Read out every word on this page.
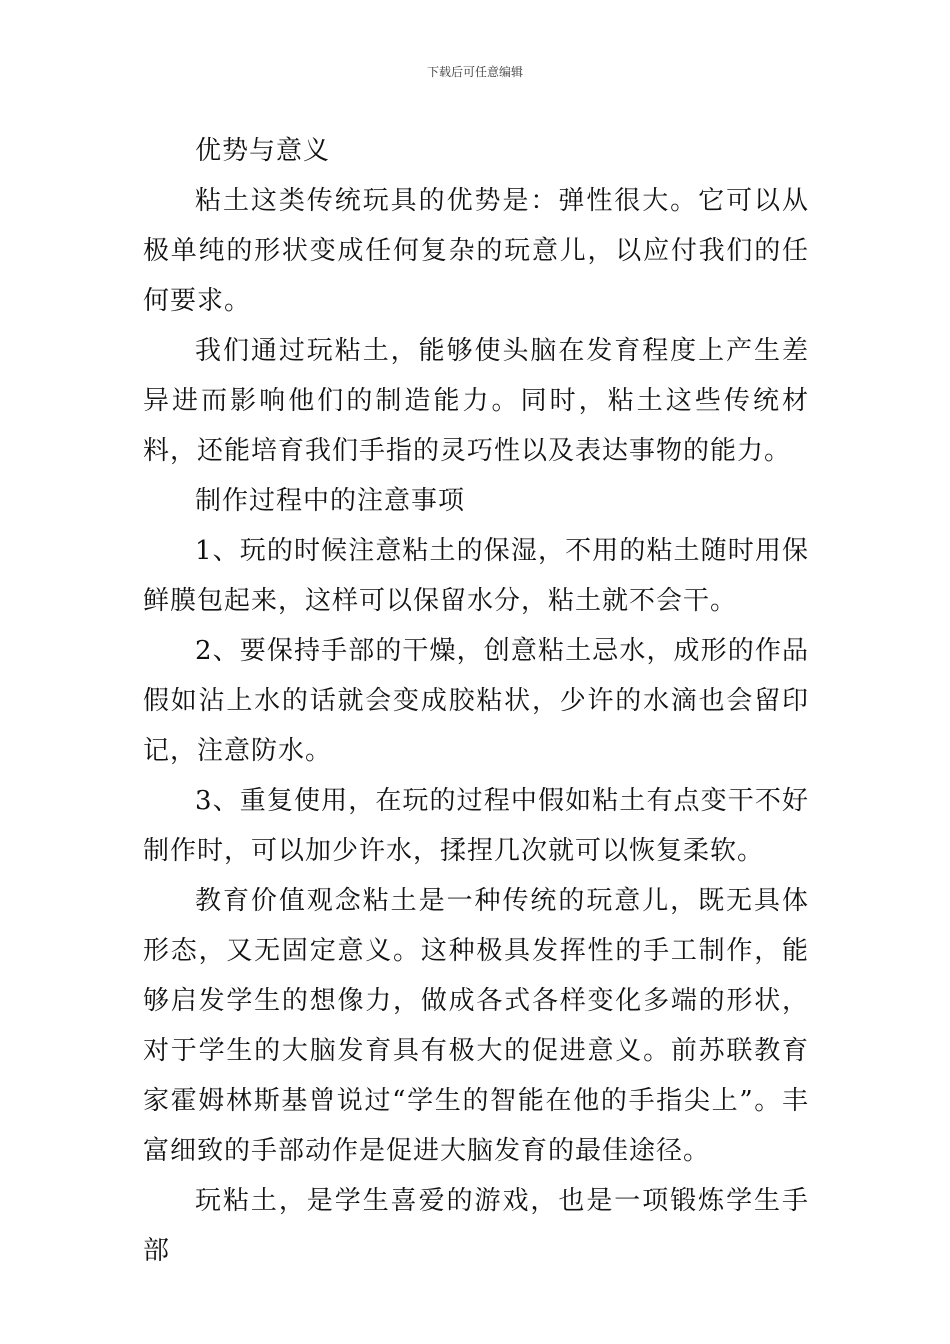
下载后可任意编辑

优势与意义

粘土这类传统玩具的优势是：弹性很大。它可以从极单纯的形状变成任何复杂的玩意儿，以应付我们的任何要求。

我们通过玩粘土，能够使头脑在发育程度上产生差异进而影响他们的制造能力。同时，粘土这些传统材料，还能培育我们手指的灵巧性以及表达事物的能力。

制作过程中的注意事项

1、玩的时候注意粘土的保湿，不用的粘土随时用保鲜膜包起来，这样可以保留水分，粘土就不会干。

2、要保持手部的干燥，创意粘土忌水，成形的作品假如沾上水的话就会变成胶粘状，少许的水滴也会留印记，注意防水。

3、重复使用，在玩的过程中假如粘土有点变干不好制作时，可以加少许水，揉捏几次就可以恢复柔软。

教育价值观念粘土是一种传统的玩意儿，既无具体形态，又无固定意义。这种极具发挥性的手工制作，能够启发学生的想像力，做成各式各样变化多端的形状，对于学生的大脑发育具有极大的促进意义。前苏联教育家霍姆林斯基曾说过“学生的智能在他的手指尖上”。丰富细致的手部动作是促进大脑发育的最佳途径。

玩粘土，是学生喜爱的游戏，也是一项锻炼学生手部
